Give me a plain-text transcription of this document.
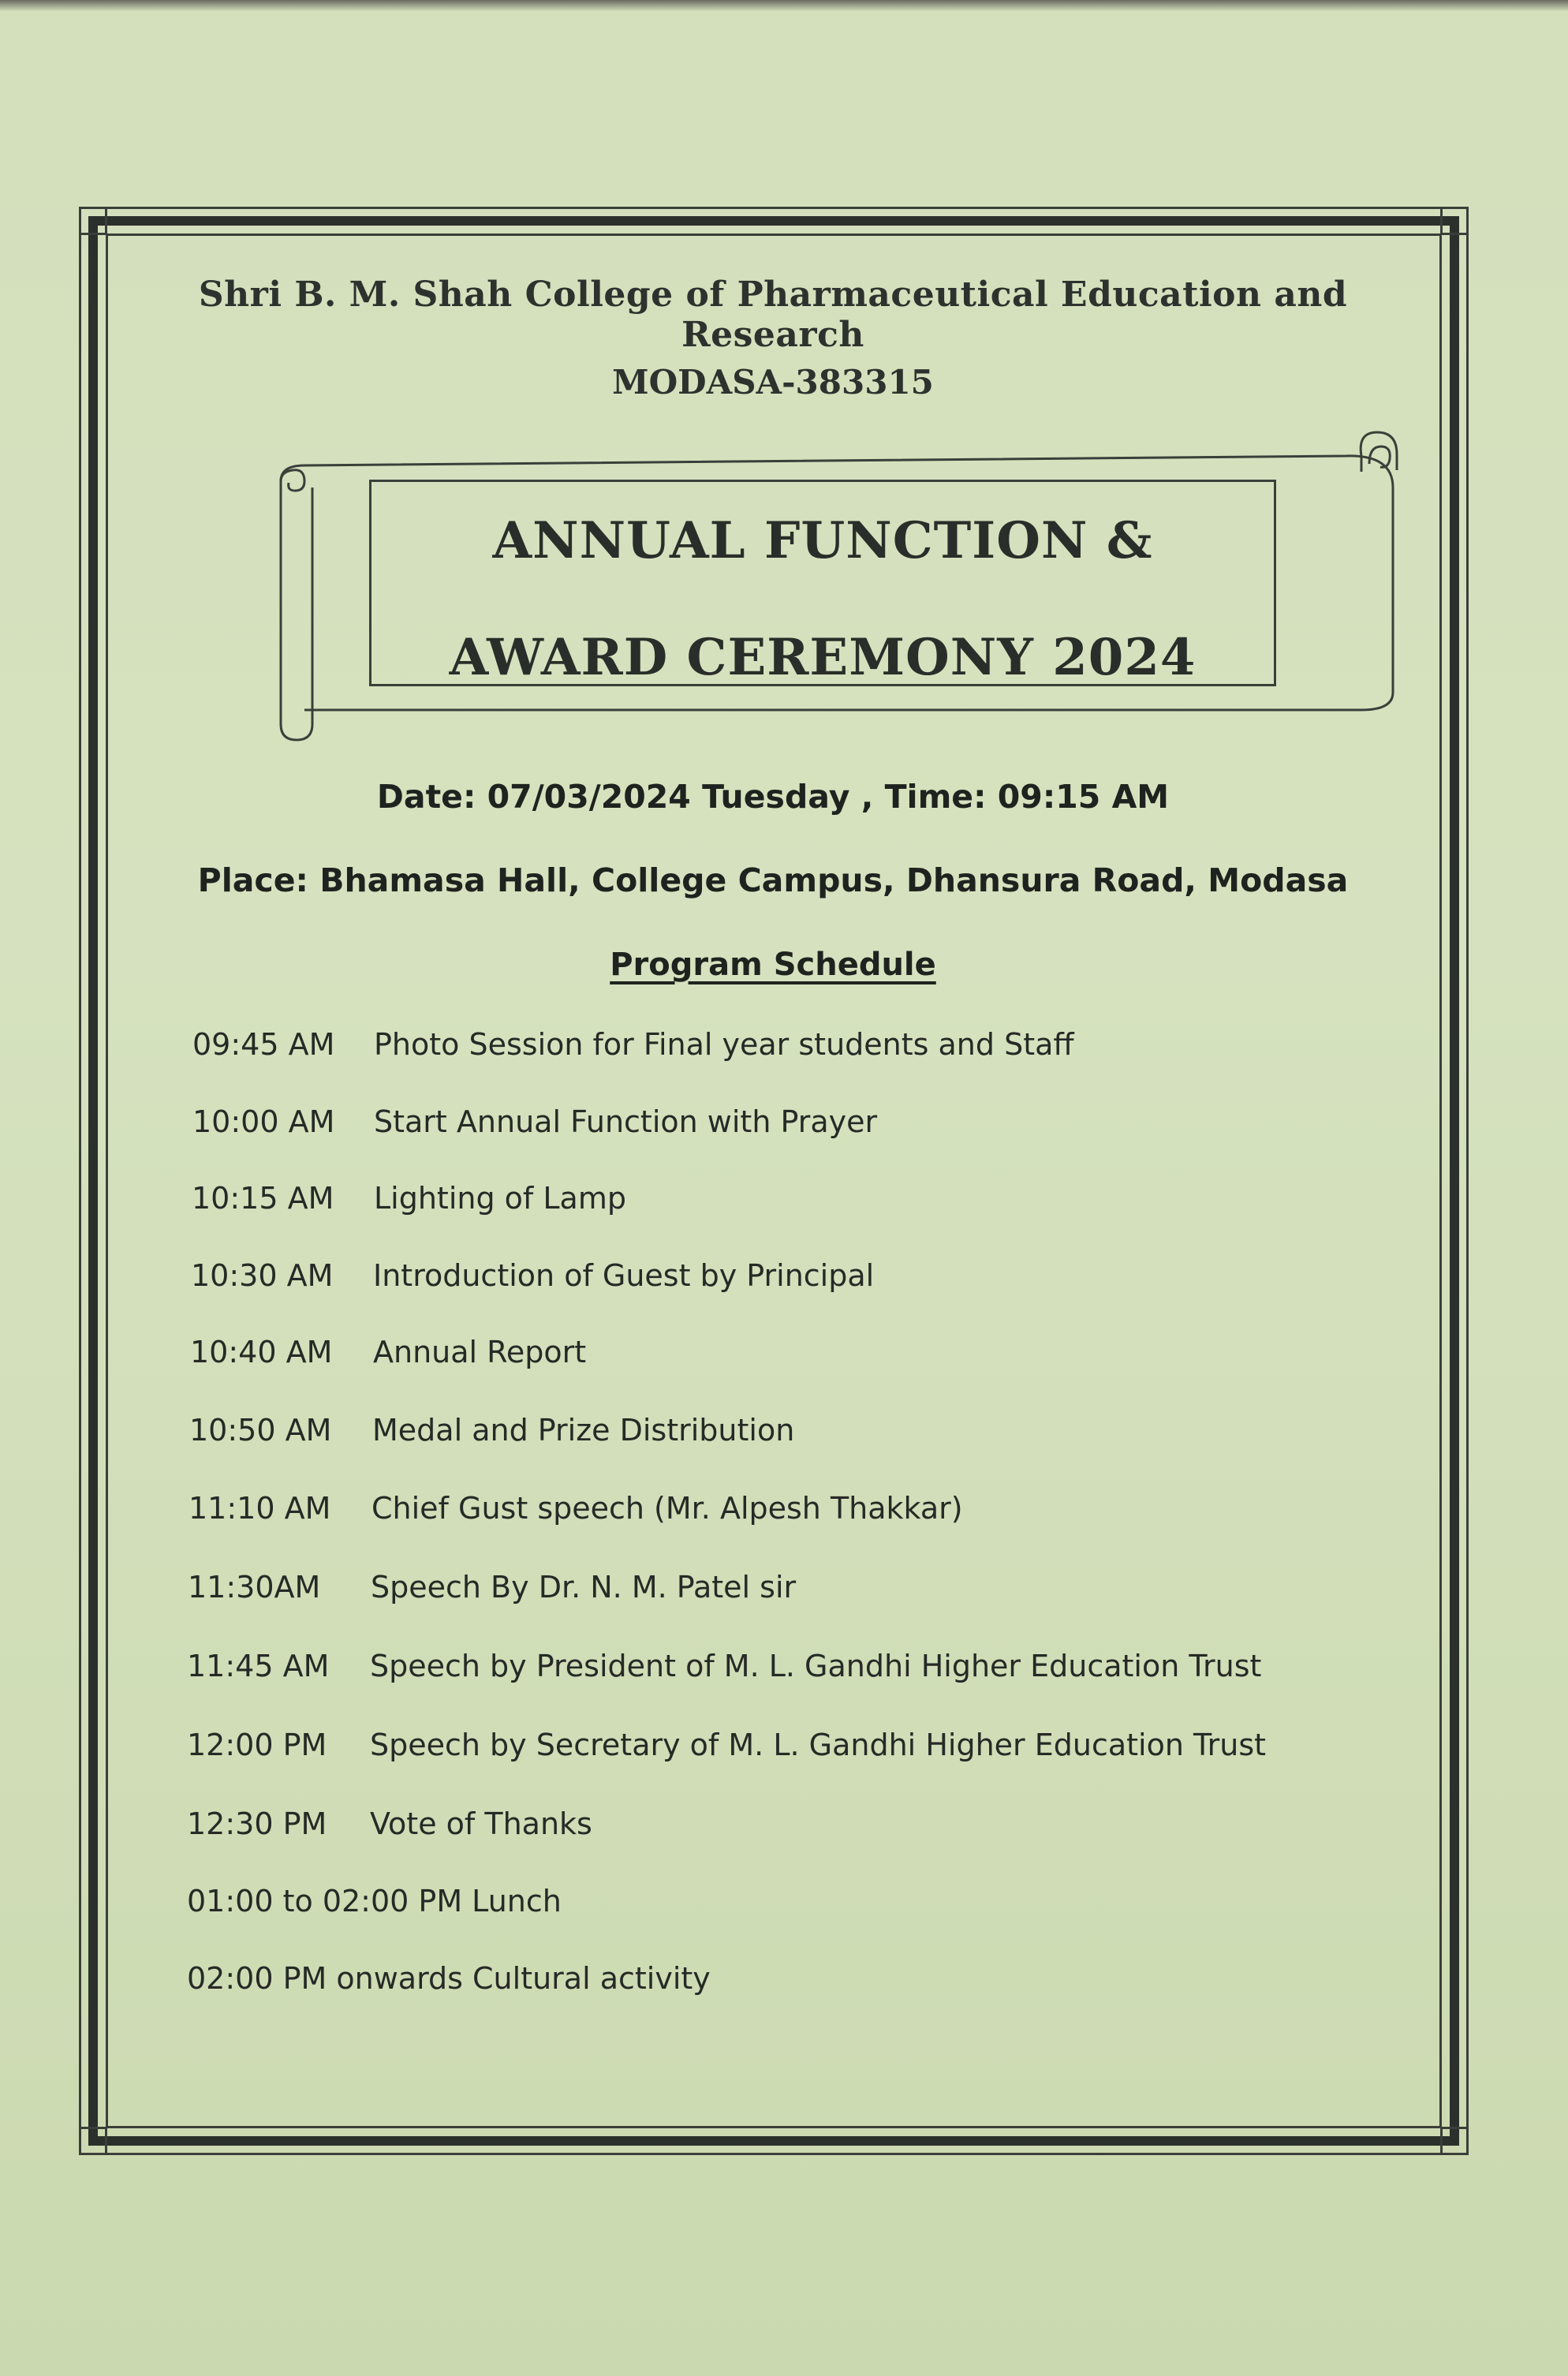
Shri B. M. Shah College of Pharmaceutical Education and Research
MODASA-383315
ANNUAL FUNCTION &
AWARD CEREMONY 2024
Date: 07/03/2024 Tuesday , Time: 09:15 AM
Place: Bhamasa Hall, College Campus, Dhansura Road, Modasa
Program Schedule
09:45 AM Photo Session for Final year students and Staff
10:00 AM Start Annual Function with Prayer
10:15 AM Lighting of Lamp
10:30 AM Introduction of Guest by Principal
10:40 AM Annual Report
10:50 AM Medal and Prize Distribution
11:10 AM Chief Gust speech (Mr. Alpesh Thakkar)
11:30AM Speech By Dr. N. M. Patel sir
11:45 AM Speech by President of M. L. Gandhi Higher Education Trust
12:00 PM Speech by Secretary of M. L. Gandhi Higher Education Trust
12:30 PM Vote of Thanks
01:00 to 02:00 PM Lunch
02:00 PM onwards Cultural activity
